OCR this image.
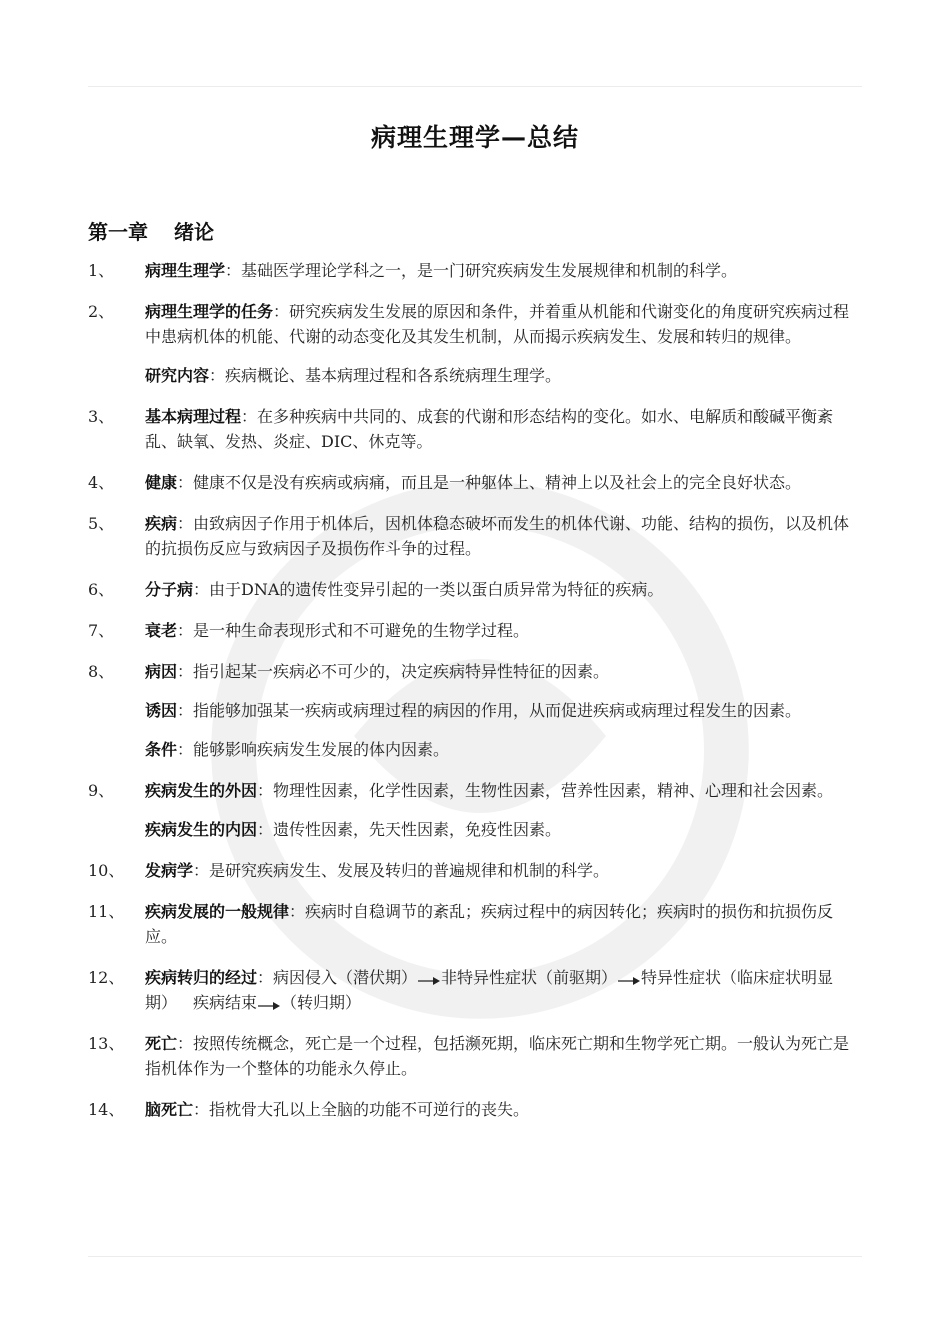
病理生理学—总结
第一章 绪论
1、 病理生理学：基础医学理论学科之一，是一门研究疾病发生发展规律和机制的科学。
2、 病理生理学的任务：研究疾病发生发展的原因和条件，并着重从机能和代谢变化的角度研究疾病过程中患病机体的机能、代谢的动态变化及其发生机制，从而揭示疾病发生、发展和转归的规律。
研究内容：疾病概论、基本病理过程和各系统病理生理学。
3、 基本病理过程：在多种疾病中共同的、成套的代谢和形态结构的变化。如水、电解质和酸碱平衡紊乱、缺氧、发热、炎症、DIC、休克等。
4、 健康：健康不仅是没有疾病或病痛，而且是一种躯体上、精神上以及社会上的完全良好状态。
5、 疾病：由致病因子作用于机体后，因机体稳态破坏而发生的机体代谢、功能、结构的损伤，以及机体的抗损伤反应与致病因子及损伤作斗争的过程。
6、 分子病：由于DNA的遗传性变异引起的一类以蛋白质异常为特征的疾病。
7、 衰老：是一种生命表现形式和不可避免的生物学过程。
8、 病因：指引起某一疾病必不可少的，决定疾病特异性特征的因素。
诱因：指能够加强某一疾病或病理过程的病因的作用，从而促进疾病或病理过程发生的因素。
条件：能够影响疾病发生发展的体内因素。
9、 疾病发生的外因：物理性因素，化学性因素，生物性因素，营养性因素，精神、心理和社会因素。
疾病发生的内因：遗传性因素，先天性因素，免疫性因素。
10、 发病学：是研究疾病发生、发展及转归的普遍规律和机制的科学。
11、 疾病发展的一般规律：疾病时自稳调节的紊乱；疾病过程中的病因转化；疾病时的损伤和抗损伤反应。
12、 疾病转归的经过：病因侵入（潜伏期） 非特异性症状（前驱期） 特异性症状（临床症状明显期）  疾病结束 （转归期）
13、 死亡：按照传统概念，死亡是一个过程，包括濒死期，临床死亡期和生物学死亡期。一般认为死亡是指机体作为一个整体的功能永久停止。
14、 脑死亡：指枕骨大孔以上全脑的功能不可逆行的丧失。
